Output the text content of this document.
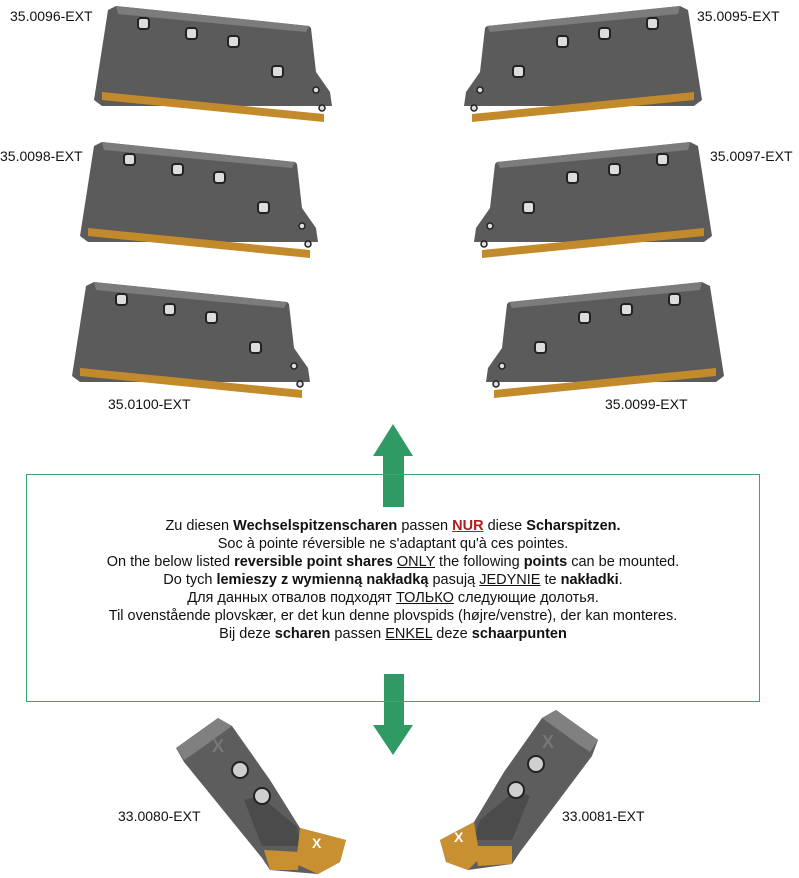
X
X
X
X
35.0096-EXT	35.0095-EXT
35.0098-EXT	35.0097-EXT
35.0100-EXT	35.0099-EXT
33.0080-EXT	33.0081-EXT
Zu diesen Wechselspitzenscharen passen NUR diese Scharspitzen.
Soc à pointe réversible ne s'adaptant qu'à ces pointes.
On the below listed reversible point shares ONLY the following points can be mounted.
Do tych lemieszy z wymienną nakładką pasują JEDYNIE te nakładki.
Для данных отвалов подходят ТОЛЬКО следующие долотья.
Til ovenstående plovskær, er det kun denne plovspids (højre/venstre), der kan monteres.
Bij deze scharen passen ENKEL deze schaarpunten
